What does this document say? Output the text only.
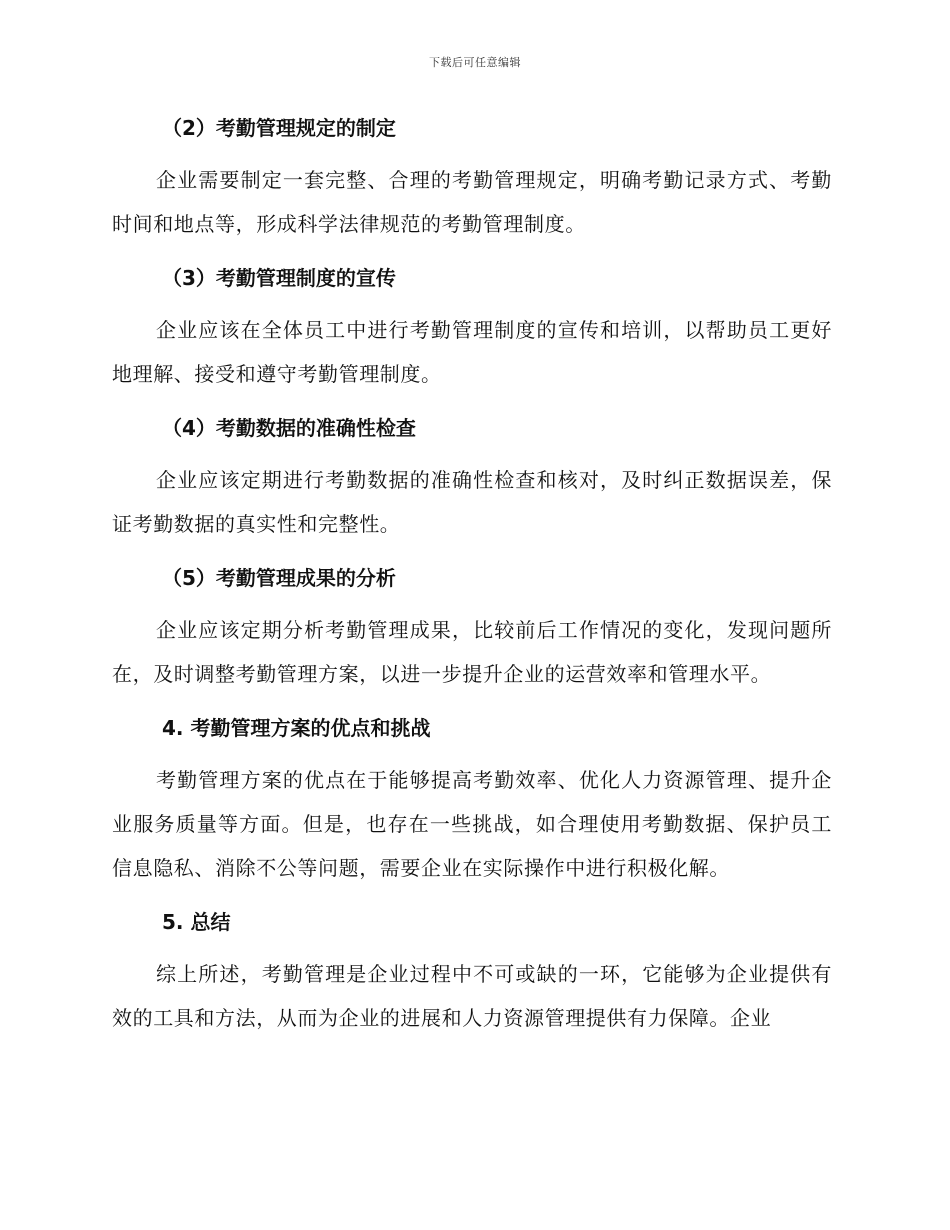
下载后可任意编辑
（2）考勤管理规定的制定

企业需要制定一套完整、合理的考勤管理规定，明确考勤记录方式、考勤时间和地点等，形成科学法律规范的考勤管理制度。

（3）考勤管理制度的宣传

企业应该在全体员工中进行考勤管理制度的宣传和培训，以帮助员工更好地理解、接受和遵守考勤管理制度。

（4）考勤数据的准确性检查

企业应该定期进行考勤数据的准确性检查和核对，及时纠正数据误差，保证考勤数据的真实性和完整性。

（5）考勤管理成果的分析

企业应该定期分析考勤管理成果，比较前后工作情况的变化，发现问题所在，及时调整考勤管理方案，以进一步提升企业的运营效率和管理水平。

4. 考勤管理方案的优点和挑战

考勤管理方案的优点在于能够提高考勤效率、优化人力资源管理、提升企业服务质量等方面。但是，也存在一些挑战，如合理使用考勤数据、保护员工信息隐私、消除不公等问题，需要企业在实际操作中进行积极化解。

5. 总结

综上所述，考勤管理是企业过程中不可或缺的一环，它能够为企业提供有效的工具和方法，从而为企业的进展和人力资源管理提供有力保障。企业
